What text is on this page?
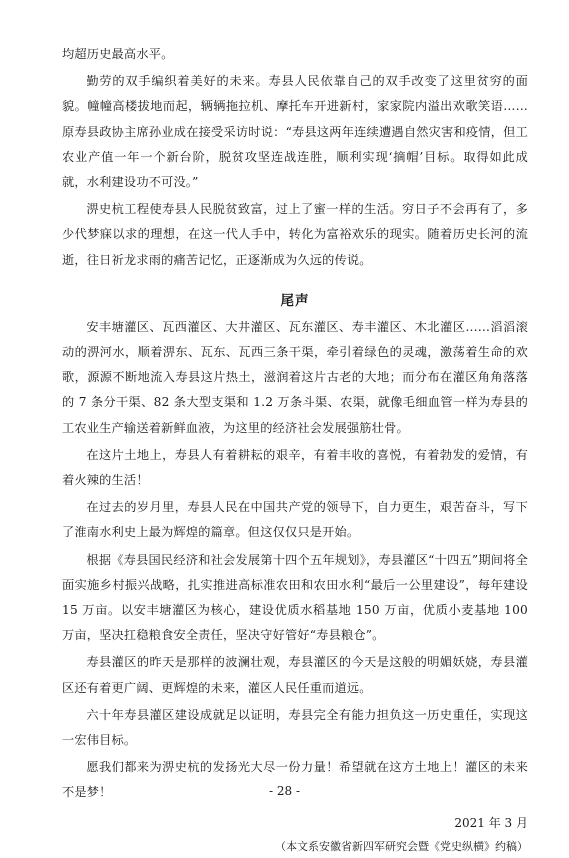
均超历史最高水平。

勤劳的双手编织着美好的未来。寿县人民依靠自己的双手改变了这里贫穷的面貌。幢幢高楼拔地而起，辆辆拖拉机、摩托车开进新村，家家院内溢出欢歌笑语……原寿县政协主席孙业成在接受采访时说：“寿县这两年连续遭遇自然灾害和疫情，但工农业产值一年一个新台阶，脱贫攻坚连战连胜，顺利实现‘摘帽’目标。取得如此成就，水利建设功不可没。”

淠史杭工程使寿县人民脱贫致富，过上了蜜一样的生活。穷日子不会再有了，多少代梦寐以求的理想，在这一代人手中，转化为富裕欢乐的现实。随着历史长河的流逝，往日祈龙求雨的痛苦记忆，正逐渐成为久远的传说。

尾声

安丰塘灌区、瓦西灌区、大井灌区、瓦东灌区、寿丰灌区、木北灌区……滔滔滚动的淠河水，顺着淠东、瓦东、瓦西三条干渠，牵引着绿色的灵魂，激荡着生命的欢歌，源源不断地流入寿县这片热土，滋润着这片古老的大地；而分布在灌区角角落落的 7 条分干渠、82 条大型支渠和 1.2 万条斗渠、农渠，就像毛细血管一样为寿县的工农业生产输送着新鲜血液，为这里的经济社会发展强筋壮骨。

在这片土地上，寿县人有着耕耘的艰辛，有着丰收的喜悦，有着勃发的爱情，有着火辣的生活！

在过去的岁月里，寿县人民在中国共产党的领导下，自力更生，艰苦奋斗，写下了淮南水利史上最为辉煌的篇章。但这仅仅只是开始。

根据《寿县国民经济和社会发展第十四个五年规划》，寿县灌区“十四五”期间将全面实施乡村振兴战略，扎实推进高标准农田和农田水利“最后一公里建设”，每年建设 15 万亩。以安丰塘灌区为核心，建设优质水稻基地 150 万亩，优质小麦基地 100 万亩，坚决扛稳粮食安全责任，坚决守好管好“寿县粮仓”。

寿县灌区的昨天是那样的波澜壮观，寿县灌区的今天是这般的明媚妖娆，寿县灌区还有着更广阔、更辉煌的未来，灌区人民任重而道远。

六十年寿县灌区建设成就足以证明，寿县完全有能力担负这一历史重任，实现这一宏伟目标。

愿我们都来为淠史杭的发扬光大尽一份力量！希望就在这方土地上！灌区的未来不是梦！

2021 年 3 月
（本文系安徽省新四军研究会暨《党史纵横》约稿）
- 28 -
